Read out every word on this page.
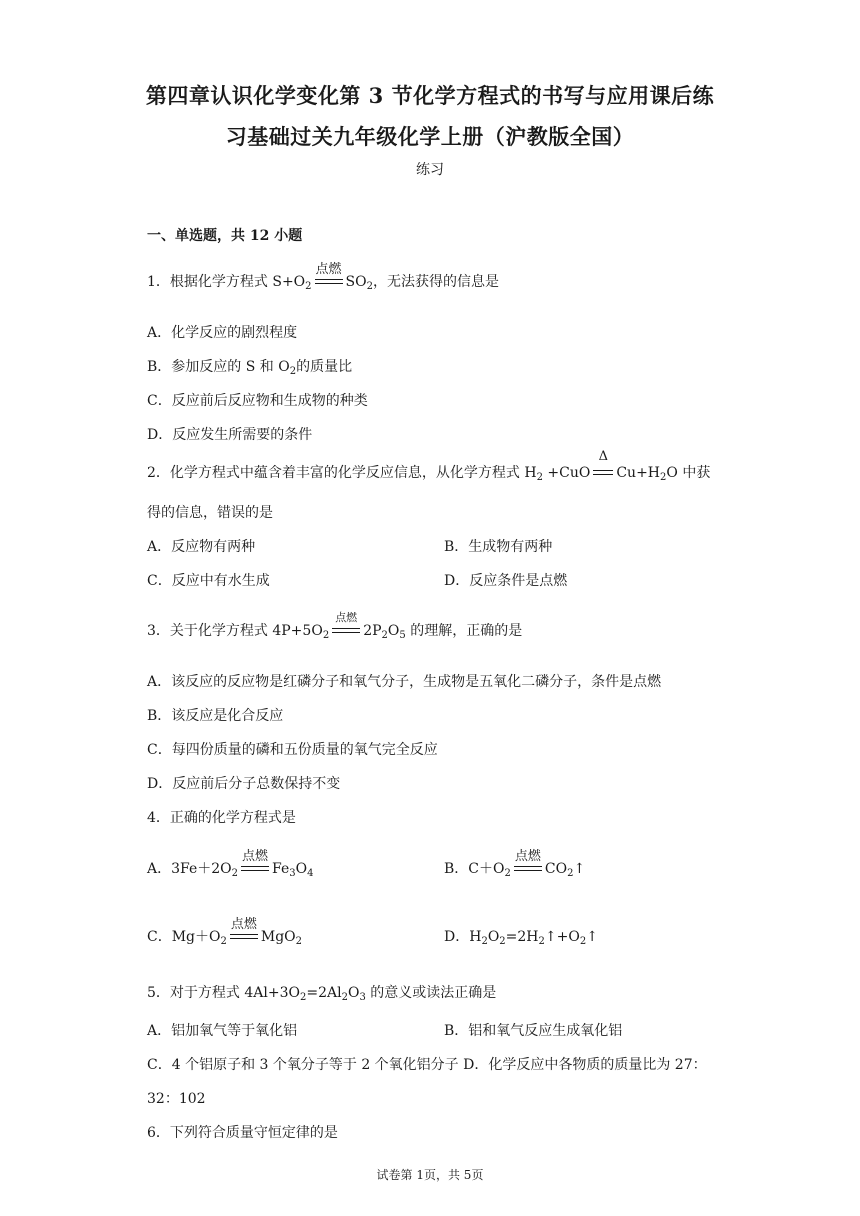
第四章认识化学变化第 3 节化学方程式的书写与应用课后练
习基础过关九年级化学上册（沪教版全国）
练习
一、单选题，共 12 小题
1．根据化学方程式 $S+O_2$
点燃
$SO_2$，无法获得的信息是
A．化学反应的剧烈程度
B．参加反应的 S 和 $O_2$的质量比
C．反应前后反应物和生成物的种类
D．反应发生所需要的条件
2．化学方程式中蕴含着丰富的化学反应信息，从化学方程式 $H_2 +CuO$
Δ
$Cu+H_2O$ 中获
得的信息，错误的是
A．反应物有两种	B．生成物有两种
C．反应中有水生成	D．反应条件是点燃
3．关于化学方程式 $4P+5O_2$
点燃
$2P_2O_5$ 的理解，正确的是
A．该反应的反应物是红磷分子和氧气分子，生成物是五氧化二磷分子，条件是点燃
B．该反应是化合反应
C．每四份质量的磷和五份质量的氧气完全反应
D．反应前后分子总数保持不变
4．正确的化学方程式是
A．$3Fe+2O_2$
点燃
$Fe_3O_4$	B．$C+O_2$
点燃
$CO_2↑$
C．$Mg+O_2$
点燃
MgO$_2$	D．$H_2O_2=2H_2↑+O_2↑$
5．对于方程式 $4Al+3O_2=2Al_2O_3$ 的意义或读法正确是
A．铝加氧气等于氧化铝	B．铝和氧气反应生成氧化铝
C．4 个铝原子和 3 个氧分子等于 2 个氧化铝分子 D．化学反应中各物质的质量比为 27：
32：102
6．下列符合质量守恒定律的是
试卷第 1页，共 5页
